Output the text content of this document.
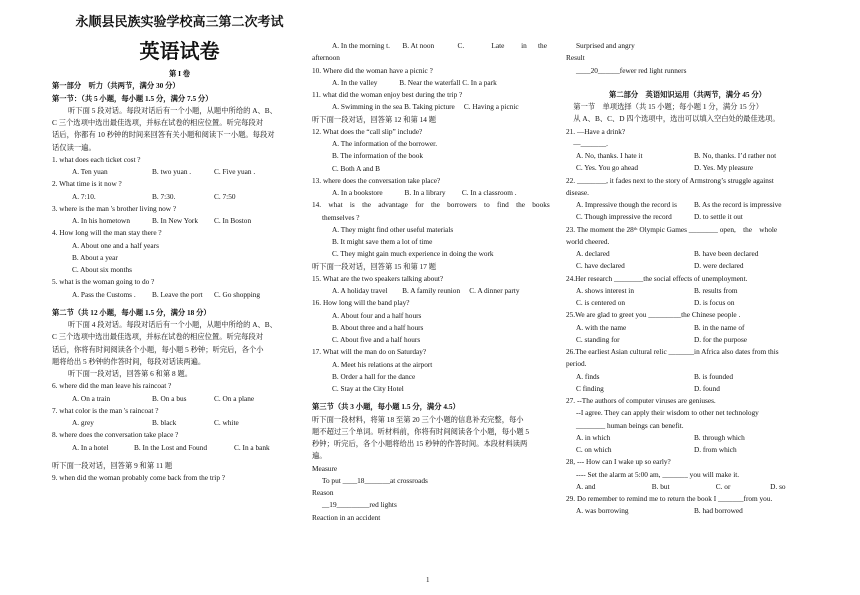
永顺县民族实验学校高三第二次考试
英语试卷
第 I 卷
第一部分　听力（共两节，满分 30 分）
第一节：（共 5 小题，每小题 1.5 分，满分 7.5 分）
听下面 5 段对话。每段对话后有一个小题，从题中所给的 A、B、
C 三个选项中选出最佳选项，并标在试卷的相应位置。听完每段对
话后，你都有 10 秒钟的时间来回答有关小题和阅读下一小题。每段对
话仅读一遍。
1. what does each ticket cost ?
A. Ten yuan	B. two yuan .	C. Five yuan .
2. What time is it now ?
A. 7:10.	B. 7:30.	C. 7:50
3. where is the man 's brother living now ?
A. In his hometown	B. In New York	C. In Boston
4. How long will the man stay there ?
A. About one and a half years
B. About a year
C. About six months
5. what is the woman going to do ?
A. Pass the Customs .	B. Leave the port	C. Go shopping
第二节（共 12 小题，每小题 1.5 分，满分 18 分）
听下面 4 段对话。每段对话后有一个小题，从题中所给的 A、B、
C 三个选项中选出最佳选项，并标在试卷的相应位置。听完每段对
话后，你将有时间阅读各个小题，每小题 5 秒钟；听完后，各个小
题将给出 5 秒钟的作答时间，每段对话读两遍。
听下面一段对话，回答第 6 和第 8 题。
6. where did the man leave his raincoat ?
A. On a train	B. On a bus	C. On a plane
7. what color is the man 's raincoat ?
A. grey	B. black	C. white
8. where does the conversation take place ?
A. In a hotel	B. In the Lost and Found	C. In a bank
听下面一段对话，回答第 9 和第 11 题
9. when did the woman probably come back from the trip ?
A. In the morning t.	B. At noon	C.	Late	in	the
afternoon
10. Where did the woman have a picnic ?
A. In the valley　　　B. Near the waterfall C. In a park
11. what did the woman enjoy best during the trip ?
A. Swimming in the sea B. Taking picture　 C. Having a picnic
听下面一段对话，回答第 12 和第 14 题
12. What does the “call slip” include?
A. The information of the borrower.
B. The information of the book
C. Both A and B
13. where does the conversation take place?
A. In a bookstore　　　B. In a library　　 C. In a classroom .
14.　what　is　the　advantage　for　the　borrowers　to　find　the　books
themselves ?
A. They might find other useful materials
B. It might save them a lot of time
C. They might gain much experience in doing the work
听下面一段对话，回答第 15 和第 17 题
15. What are the two speakers talking about?
A. A holiday travel　　B. A family reunion　 C. A dinner party
16. How long will the band play?
A. About four and a half hours
B. About three and a half hours
C. About five and a half hours
17. What will the man do on Saturday?
A. Meet his relations at the airport
B. Order a hall for the dance
C. Stay at the City Hotel
第三节（共 3 小题，每小题 1.5 分，满分 4.5）
听下面一段材料，将第 18 至第 20 三个小题的信息补充完整，每小
题不超过三个单词。听材料前，你将有时间阅读各个小题，每小题 5
秒钟；听完后，各个小题将给出 15 秒钟的作答时间。本段材料读两
遍。
Measure
To put ____18_______at crossroads
Reason
__19_________red lights
Reaction in an accident
Surprised and angry
Result
____20______fewer red light runners
第二部分　英语知识运用（共两节，满分 45 分）
　第一节　单项选择（共 15 小题；每小题 1 分，满分 15 分）
　从 A、B、C、D 四个选项中，选出可以填入空白处的最佳选项。
21. —Have a drink?
　—_______.
A. No, thanks. I hate it	B. No, thanks. I’d rather not
C. Yes. You go ahead	D. Yes. My pleasure
22. ________, it fades next to the story of Armstrong’s struggle against
disease.
A. Impressive though the record is	B. As the record is impressive
C. Though impressive the record	D. to settle it out
23. The moment the 28ᵗʰ Olympic Games ________ open,　the　whole
world cheered.
A. declared	B. have been declared
C. have declared	D. were declared
24.Her research ________the social effects of unemployment.
A. shows interest in	B. results from
C. is centered on	D. is focus on
25.We are glad to greet you _________the Chinese people .
A. with the name	B. in the name of
C. standing for	D. for the purpose
26.The earliest Asian cultural relic _______in Africa also dates from this
period.
A. finds	B. is founded
C finding	D. found
27. --The authors of computer viruses are geniuses.
--I agree. They can apply their wisdom to other net technology
________ human beings can benefit.
A. in which	B. through which
C. on which	D. from which
28, --- How can I wake up so early?
---- Set the alarm at 5:00 am, _______ you will make it.
A. and	B. but	C. or	D. so
29. Do remember to remind me to return the book I _______from you.
A. was borrowing	B. had borrowed
1
